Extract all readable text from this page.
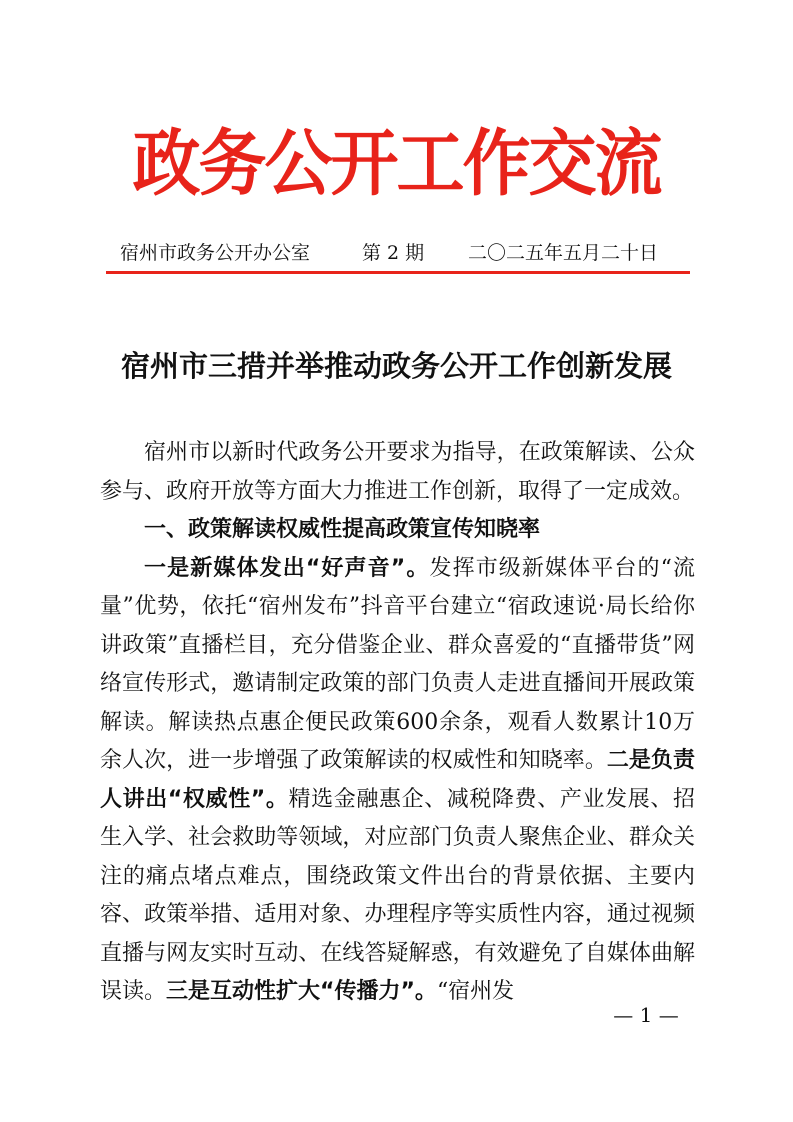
政务公开工作交流
宿州市政务公开办公室	第 2 期 二〇二五年五月二十日
宿州市三措并举推动政务公开工作创新发展

宿州市以新时代政务公开要求为指导，在政策解读、公众参与、政府开放等方面大力推进工作创新，取得了一定成效。

一、政策解读权威性提高政策宣传知晓率

一是新媒体发出“好声音”。发挥市级新媒体平台的“流量”优势，依托“宿州发布”抖音平台建立“宿政速说·局长给你讲政策”直播栏目，充分借鉴企业、群众喜爱的“直播带货”网络宣传形式，邀请制定政策的部门负责人走进直播间开展政策解读。解读热点惠企便民政策600余条，观看人数累计10万余人次，进一步增强了政策解读的权威性和知晓率。二是负责人讲出“权威性”。精选金融惠企、减税降费、产业发展、招生入学、社会救助等领域，对应部门负责人聚焦企业、群众关注的痛点堵点难点，围绕政策文件出台的背景依据、主要内容、政策举措、适用对象、办理程序等实质性内容，通过视频直播与网友实时互动、在线答疑解惑，有效避免了自媒体曲解误读。三是互动性扩大“传播力”。“宿州发

— 1 —
